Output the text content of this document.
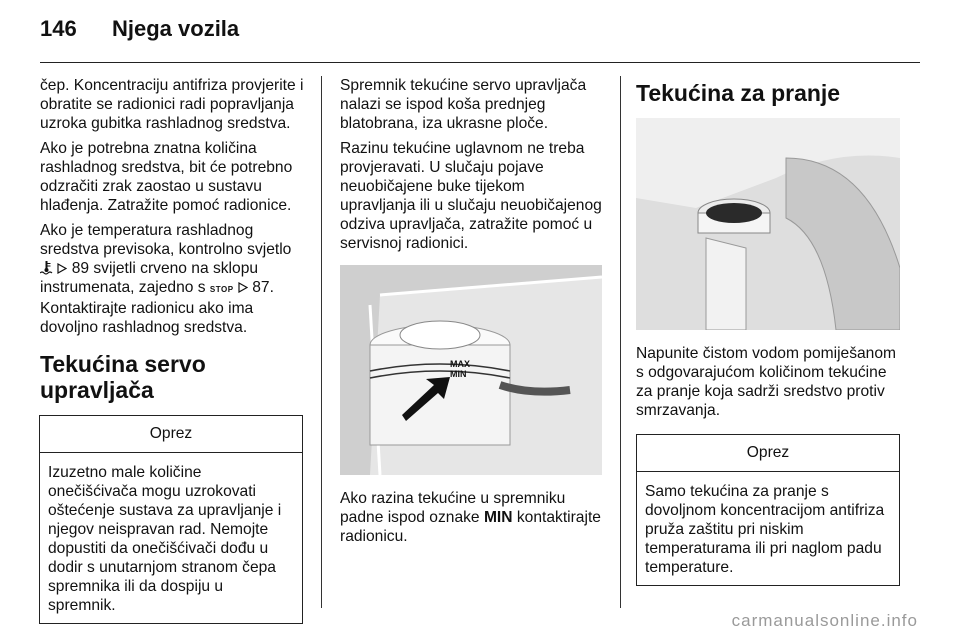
146 Njega vozila

čep. Koncentraciju antifriza provjerite i obratite se radionici radi popravljanja uzroka gubitka rashladnog sredstva.

Ako je potrebna znatna količina rashladnog sredstva, bit će potrebno odzračiti zrak zaostao u sustavu hlađenja. Zatražite pomoć radionice.

Ako je temperatura rashladnog sredstva previsoka, kontrolno svjetlo   89 svijetli crveno na sklopu instrumenata, zajedno s STOP 87. Kontaktirajte radionicu ako ima dovoljno rashladnog sredstva.

Tekućina servo upravljača
Oprez
Izuzetno male količine onečišćivača mogu uzrokovati oštećenje sustava za upravljanje i njegov neispravan rad. Nemojte dopustiti da onečišćivači dođu u dodir s unutarnjom stranom čepa spremnika ili da dospiju u spremnik.

Spremnik tekućine servo upravljača nalazi se ispod koša prednjeg blatobrana, iza ukrasne ploče.

Razinu tekućine uglavnom ne treba provjeravati. U slučaju pojave neuobičajene buke tijekom upravljanja ili u slučaju neuobičajenog odziva upravljača, zatražite pomoć u servisnoj radionici.

MAX
MIN

Ako razina tekućine u spremniku padne ispod oznake MIN kontaktirajte radionicu.

Tekućina za pranje

Napunite čistom vodom pomiješanom s odgovarajućom količinom tekućine za pranje koja sadrži sredstvo protiv smrzavanja.

Oprez
Samo tekućina za pranje s dovoljnom koncentracijom antifriza pruža zaštitu pri niskim temperaturama ili pri naglom padu temperature.
carmanualsonline.info
